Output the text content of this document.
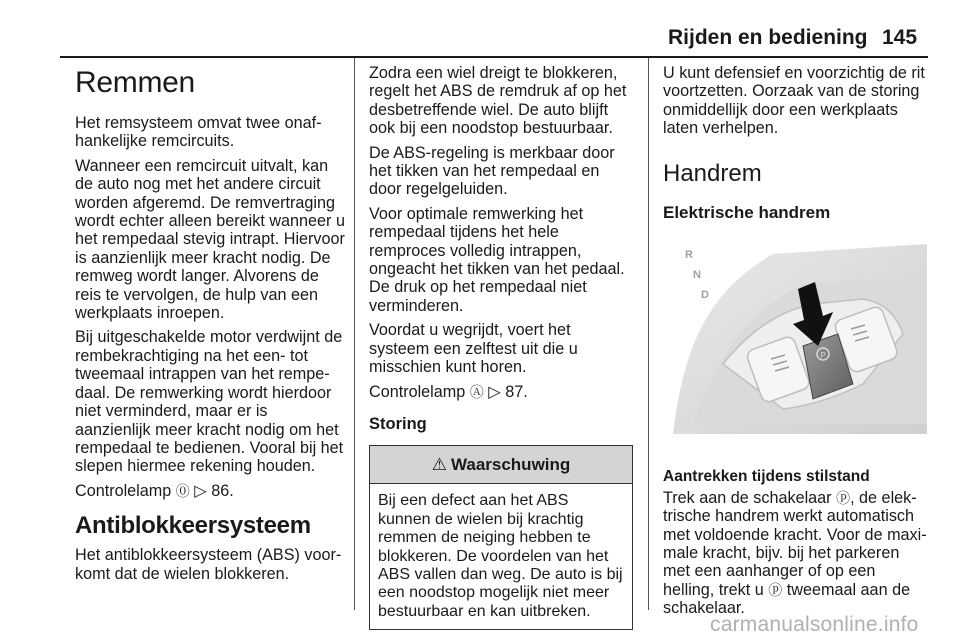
Rijden en bediening 145
Remmen

Het remsysteem omvat twee onafhankelijke remcircuits.

Wanneer een remcircuit uitvalt, kan de auto nog met het andere circuit worden afgeremd. De remvertraging wordt echter alleen bereikt wanneer u het rempedaal stevig intrapt. Hiervoor is aanzienlijk meer kracht nodig. De remweg wordt langer. Alvorens de reis te vervolgen, de hulp van een werkplaats inroepen.

Bij uitgeschakelde motor verdwijnt de rembekrachtiging na het een- tot tweemaal intrappen van het rempedaal. De remwerking wordt hierdoor niet verminderd, maar er is aanzienlijk meer kracht nodig om het rempedaal te bedienen. Vooral bij het slepen hiermee rekening houden.

Controlelamp ⓪ ▷ 86.

Antiblokkeersysteem

Het antiblokkeersysteem (ABS) voorkomt dat de wielen blokkeren.

Zodra een wiel dreigt te blokkeren, regelt het ABS de remdruk af op het desbetreffende wiel. De auto blijft ook bij een noodstop bestuurbaar.

De ABS-regeling is merkbaar door het tikken van het rempedaal en door regelgeluiden.

Voor optimale remwerking het rempedaal tijdens het hele remproces volledig intrappen, ongeacht het tikken van het pedaal. De druk op het rempedaal niet verminderen.

Voordat u wegrijdt, voert het systeem een zelftest uit die u misschien kunt horen.

Controlelamp Ⓐ ▷ 87.

Storing
⚠ Waarschuwing
Bij een defect aan het ABS kunnen de wielen bij krachtig remmen de neiging hebben te blokkeren. De voordelen van het ABS vallen dan weg. De auto is bij een noodstop mogelijk niet meer bestuurbaar en kan uitbreken.

U kunt defensief en voorzichtig de rit voortzetten. Oorzaak van de storing onmiddellijk door een werkplaats laten verhelpen.

Handrem
Elektrische handrem
P
R
N
D
Aantrekken tijdens stilstand

Trek aan de schakelaar ⓟ, de elektrische handrem werkt automatisch met voldoende kracht. Voor de maximale kracht, bijv. bij het parkeren met een aanhanger of op een helling, trekt u ⓟ tweemaal aan de schakelaar.

carmanualsonline.info
